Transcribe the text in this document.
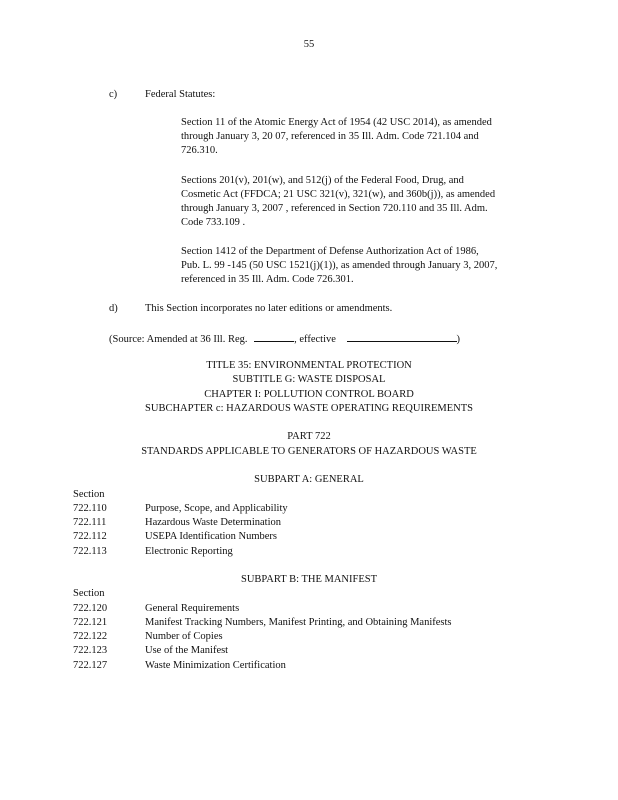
55
c)	Federal Statutes:
Section 11 of the Atomic Energy Act of 1954 (42 USC 2014), as amended
through January 3, 20 07, referenced in 35 Ill. Adm. Code 721.104 and
726.310.
Sections 201(v), 201(w), and 512(j) of the Federal Food, Drug, and
Cosmetic Act (FFDCA; 21 USC 321(v), 321(w), and 360b(j)), as amended
through January 3, 2007 , referenced in Section 720.110 and 35 Ill. Adm.
Code 733.109 .
Section 1412 of the Department of Defense Authorization Act of 1986,
Pub. L. 99 -145 (50 USC 1521(j)(1)), as amended through January 3, 2007,
referenced in 35 Ill. Adm. Code 726.301.
d)	This Section incorporates no later editions or amendments.
(Source: Amended at 36 Ill. Reg.	, effective	)
TITLE 35: ENVIRONMENTAL PROTECTION
SUBTITLE G: WASTE DISPOSAL
CHAPTER I: POLLUTION CONTROL BOARD
SUBCHAPTER c: HAZARDOUS WASTE OPERATING REQUIREMENTS
PART 722
STANDARDS APPLICABLE TO GENERATORS OF HAZARDOUS WASTE
SUBPART A: GENERAL
Section
722.110	Purpose, Scope, and Applicability
722.111	Hazardous Waste Determination
722.112	USEPA Identification Numbers
722.113	Electronic Reporting
SUBPART B: THE MANIFEST
Section
722.120	General Requirements
722.121	Manifest Tracking Numbers, Manifest Printing, and Obtaining Manifests
722.122	Number of Copies
722.123	Use of the Manifest
722.127	Waste Minimization Certification
